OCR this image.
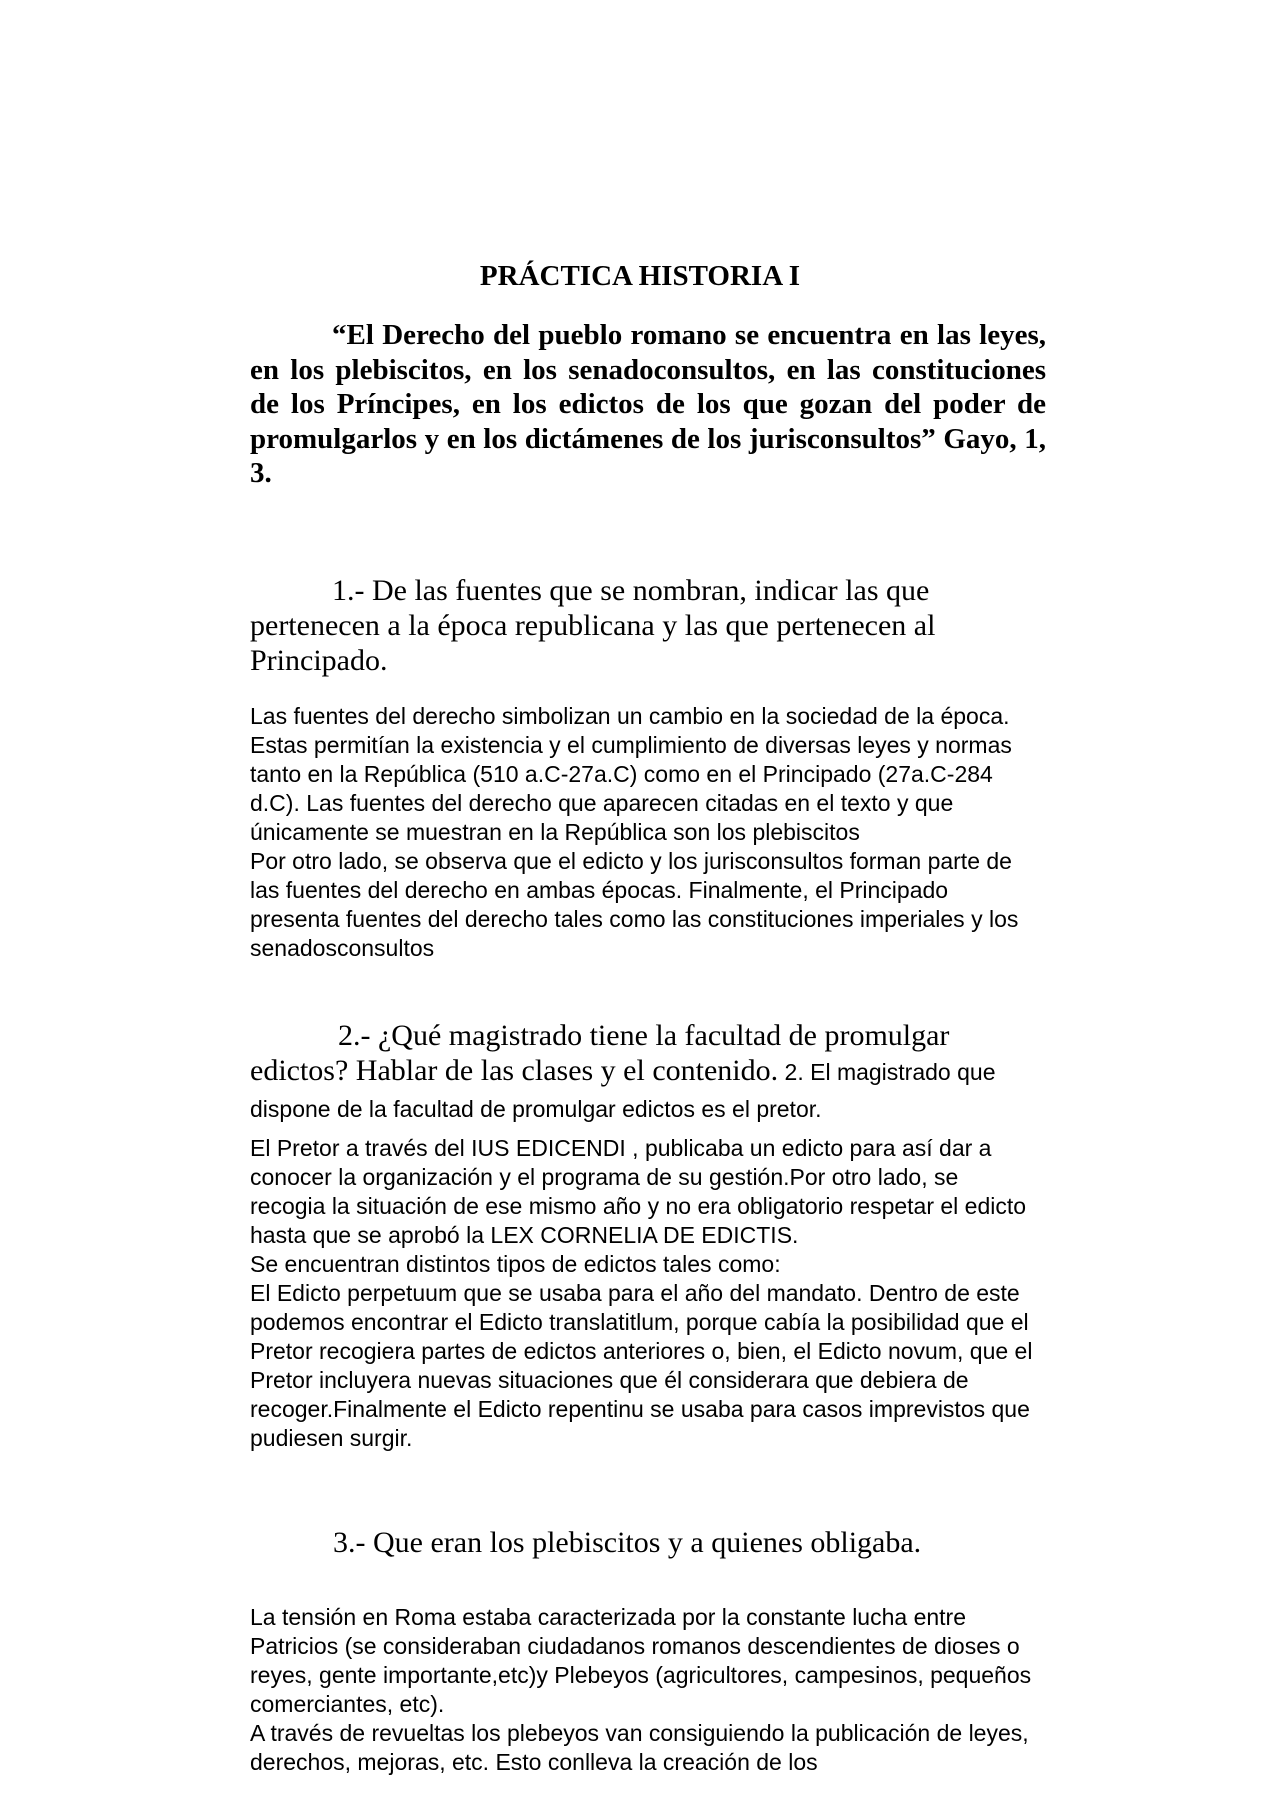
PRÁCTICA HISTORIA I

“El Derecho del pueblo romano se encuentra en las leyes, en los plebiscitos, en los senadoconsultos, en las constituciones de los Príncipes, en los edictos de los que gozan del poder de promulgarlos y en los dictámenes de los jurisconsultos” Gayo, 1, 3.

1.- De las fuentes que se nombran, indicar las que pertenecen a la época republicana y las que pertenecen al Principado.

Las fuentes del derecho simbolizan un cambio en la sociedad de la época. Estas permitían la existencia y el cumplimiento de diversas leyes y normas tanto en la República (510 a.C-27a.C) como en el Principado (27a.C-284 d.C). Las fuentes del derecho que aparecen citadas en el texto y que únicamente se muestran en la República son los plebiscitos

Por otro lado, se observa que el edicto y los jurisconsultos forman parte de las fuentes del derecho en ambas épocas. Finalmente, el Principado presenta fuentes del derecho tales como las constituciones imperiales y los senadosconsultos

2.- ¿Qué magistrado tiene la facultad de promulgar edictos? Hablar de las clases y el contenido. 2. El magistrado que dispone de la facultad de promulgar edictos es el pretor.

El Pretor a través del IUS EDICENDI , publicaba un edicto para así dar a conocer la organización y el programa de su gestión.Por otro lado, se recogia la situación de ese mismo año y no era obligatorio respetar el edicto hasta que se aprobó la LEX CORNELIA DE EDICTIS.

Se encuentran distintos tipos de edictos tales como:

El Edicto perpetuum que se usaba para el año del mandato. Dentro de este podemos encontrar el Edicto translatitlum, porque cabía la posibilidad que el Pretor recogiera partes de edictos anteriores o, bien, el Edicto novum, que el Pretor incluyera nuevas situaciones que él considerara que debiera de recoger.Finalmente el Edicto repentinu se usaba para casos imprevistos que pudiesen surgir.

3.- Que eran los plebiscitos y a quienes obligaba.

La tensión en Roma estaba caracterizada por la constante lucha entre Patricios (se consideraban ciudadanos romanos descendientes de dioses o reyes, gente importante,etc)y Plebeyos (agricultores, campesinos, pequeños comerciantes, etc).

A través de revueltas los plebeyos van consiguiendo la publicación de leyes, derechos, mejoras, etc. Esto conlleva la creación de los
